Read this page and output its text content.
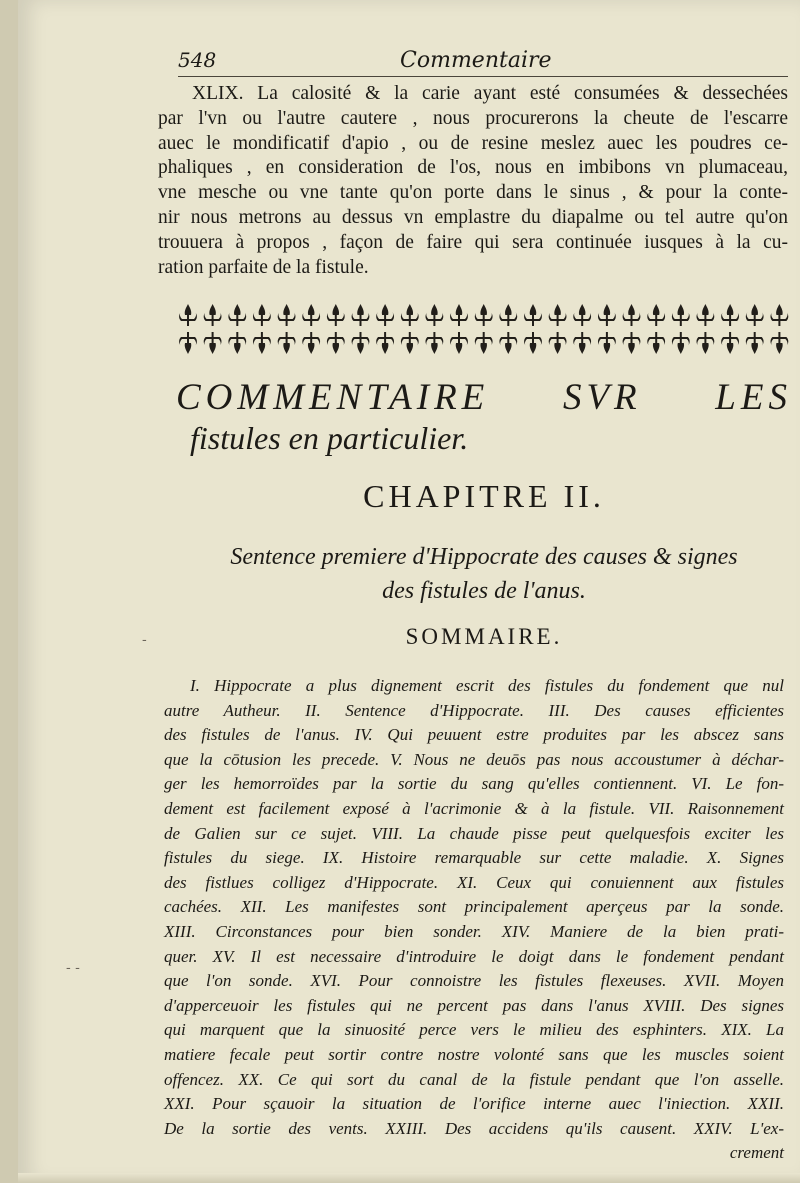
548	Commentaire
XLIX. La calosité & la carie ayant esté consumées & dessechées
par l'vn ou l'autre cautere , nous procurerons la cheute de l'escarre
auec le mondificatif d'apio , ou de resine meslez auec les poudres ce-
phaliques , en consideration de l'os, nous en imbibons vn plumaceau,
vne mesche ou vne tante qu'on porte dans le sinus , & pour la conte-
nir nous metrons au dessus vn emplastre du diapalme ou tel autre qu'on
trouuera à propos , façon de faire qui sera continuée iusques à la cu-
ration parfaite de la fistule.
COMMENTAIRE SVR LES
fistules en particulier.
CHAPITRE II.
Sentence premiere d'Hippocrate des causes & signes
des fistules de l'anus.
SOMMAIRE.
I. Hippocrate a plus dignement escrit des fistules du fondement que nul
autre Autheur. II. Sentence d'Hippocrate. III. Des causes efficientes
des fistules de l'anus. IV. Qui peuuent estre produites par les abscez sans
que la cōtusion les precede. V. Nous ne deuōs pas nous accoustumer à déchar-
ger les hemorroïdes par la sortie du sang qu'elles contiennent. VI. Le fon-
dement est facilement exposé à l'acrimonie & à la fistule. VII. Raisonnement
de Galien sur ce sujet. VIII. La chaude pisse peut quelquesfois exciter les
fistules du siege. IX. Histoire remarquable sur cette maladie. X. Signes
des fistlues colligez d'Hippocrate. XI. Ceux qui conuiennent aux fistules
cachées. XII. Les manifestes sont principalement aperçeus par la sonde.
XIII. Circonstances pour bien sonder. XIV. Maniere de la bien prati-
quer. XV. Il est necessaire d'introduire le doigt dans le fondement pendant
que l'on sonde. XVI. Pour connoistre les fistules flexeuses. XVII. Moyen
d'apperceuoir les fistules qui ne percent pas dans l'anus XVIII. Des signes
qui marquent que la sinuosité perce vers le milieu des esphinters. XIX. La
matiere fecale peut sortir contre nostre volonté sans que les muscles soient
offencez. XX. Ce qui sort du canal de la fistule pendant que l'on asselle.
XXI. Pour sçauoir la situation de l'orifice interne auec l'iniection. XXII.
De la sortie des vents. XXIII. Des accidens qu'ils causent. XXIV. L'ex-
crement
- -
-
